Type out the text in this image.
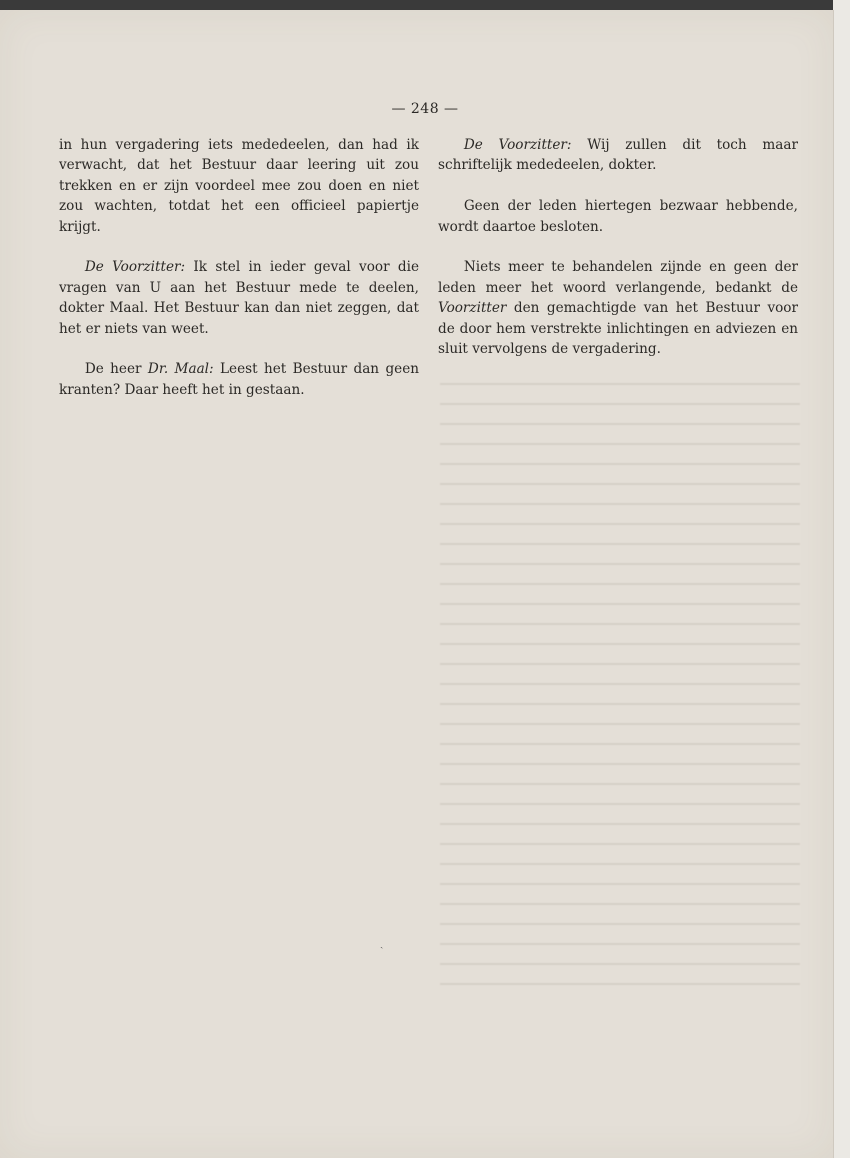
— 248 —

in hun vergadering iets mededeelen, dan had ik verwacht, dat het Bestuur daar leering uit zou trekken en er zijn voordeel mee zou doen en niet zou wachten, totdat het een officieel papiertje krijgt.

De Voorzitter: Ik stel in ieder geval voor die vragen van U aan het Bestuur mede te deelen, dokter Maal. Het Bestuur kan dan niet zeggen, dat het er niets van weet.

De heer Dr. Maal: Leest het Bestuur dan geen kranten? Daar heeft het in gestaan.

De Voorzitter: Wij zullen dit toch maar schriftelijk mededeelen, dokter.

Geen der leden hiertegen bezwaar hebbende, wordt daartoe besloten.

Niets meer te behandelen zijnde en geen der leden meer het woord verlangende, bedankt de Voorzitter den gemachtigde van het Bestuur voor de door hem verstrekte inlichtingen en adviezen en sluit vervolgens de vergadering.

ˎ
